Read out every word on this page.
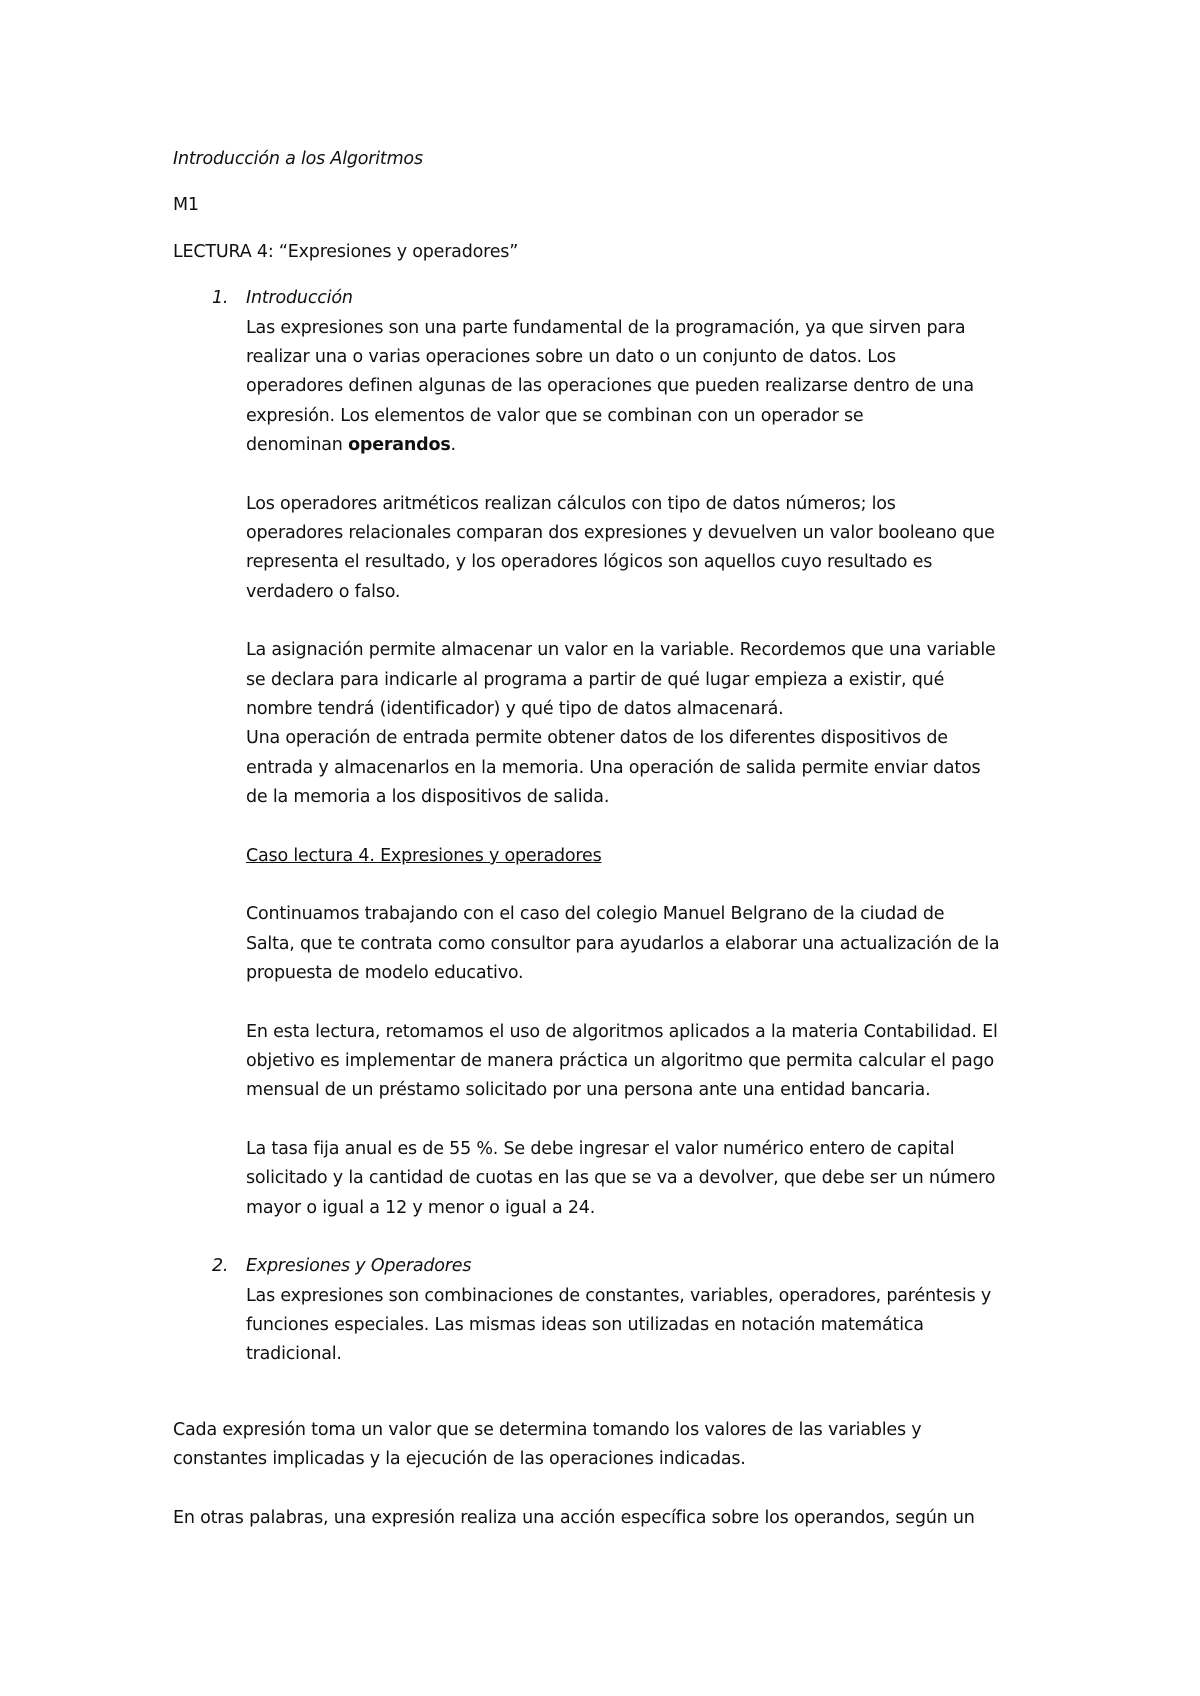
Introducción a los Algoritmos
M1
LECTURA 4: “Expresiones y operadores”
1. Introducción
Las expresiones son una parte fundamental de la programación, ya que sirven para
realizar una o varias operaciones sobre un dato o un conjunto de datos. Los
operadores definen algunas de las operaciones que pueden realizarse dentro de una
expresión. Los elementos de valor que se combinan con un operador se
denominan operandos.
Los operadores aritméticos realizan cálculos con tipo de datos números; los
operadores relacionales comparan dos expresiones y devuelven un valor booleano que
representa el resultado, y los operadores lógicos son aquellos cuyo resultado es
verdadero o falso.
La asignación permite almacenar un valor en la variable. Recordemos que una variable
se declara para indicarle al programa a partir de qué lugar empieza a existir, qué
nombre tendrá (identificador) y qué tipo de datos almacenará.
Una operación de entrada permite obtener datos de los diferentes dispositivos de
entrada y almacenarlos en la memoria. Una operación de salida permite enviar datos
de la memoria a los dispositivos de salida.
Caso lectura 4. Expresiones y operadores
Continuamos trabajando con el caso del colegio Manuel Belgrano de la ciudad de
Salta, que te contrata como consultor para ayudarlos a elaborar una actualización de la
propuesta de modelo educativo.
En esta lectura, retomamos el uso de algoritmos aplicados a la materia Contabilidad. El
objetivo es implementar de manera práctica un algoritmo que permita calcular el pago
mensual de un préstamo solicitado por una persona ante una entidad bancaria.
La tasa fija anual es de 55 %. Se debe ingresar el valor numérico entero de capital
solicitado y la cantidad de cuotas en las que se va a devolver, que debe ser un número
mayor o igual a 12 y menor o igual a 24.
2. Expresiones y Operadores
Las expresiones son combinaciones de constantes, variables, operadores, paréntesis y
funciones especiales. Las mismas ideas son utilizadas en notación matemática
tradicional.
Cada expresión toma un valor que se determina tomando los valores de las variables y
constantes implicadas y la ejecución de las operaciones indicadas.
En otras palabras, una expresión realiza una acción específica sobre los operandos, según un
